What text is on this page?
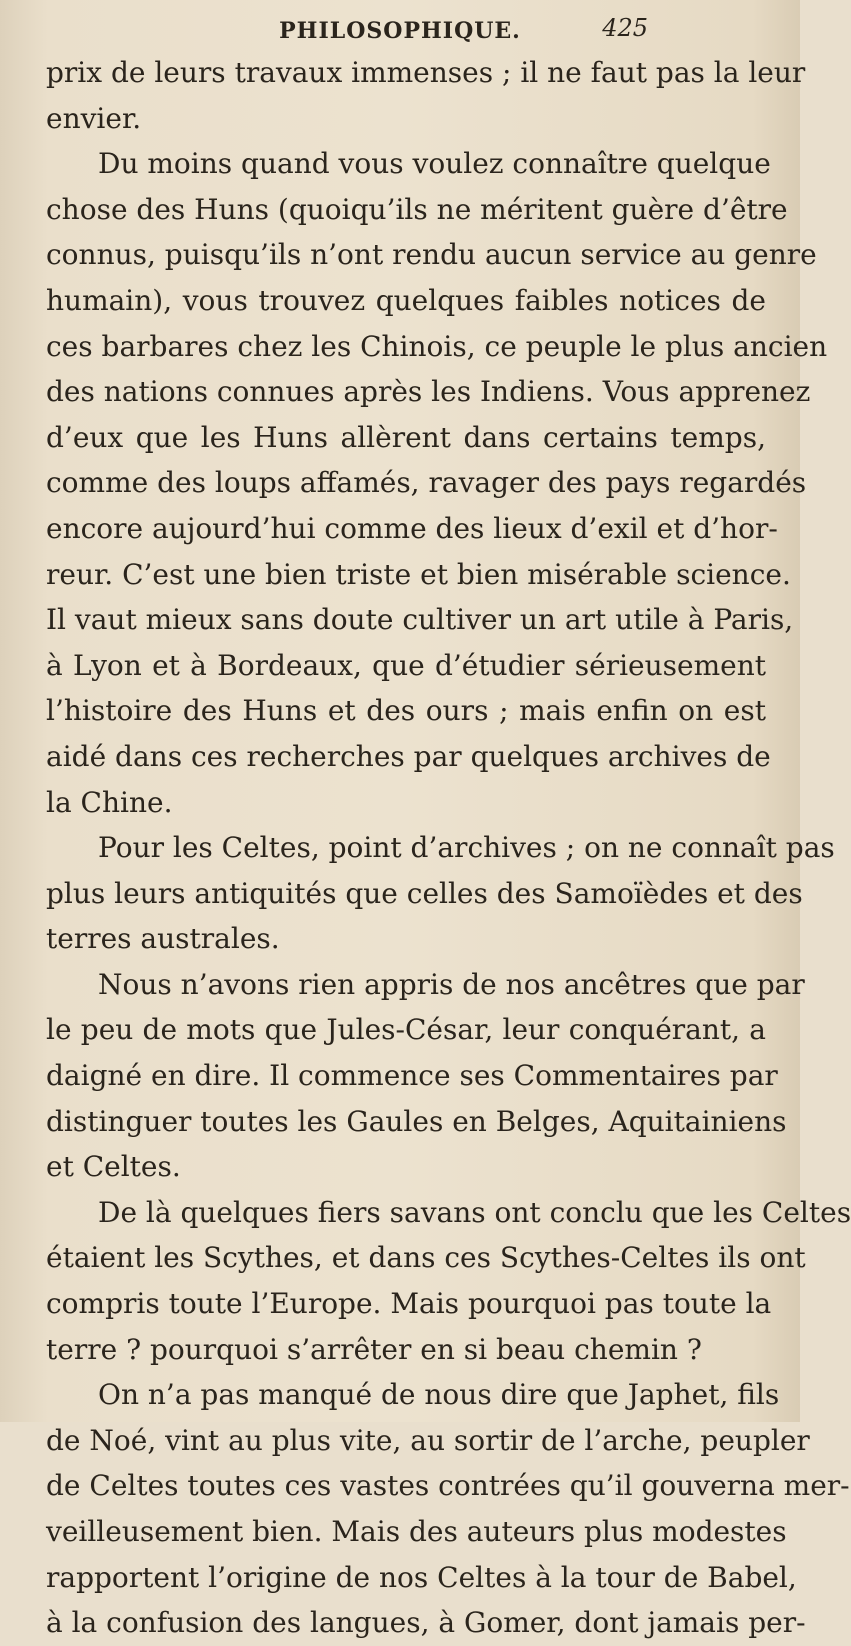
PHILOSOPHIQUE.	425
prix de leurs travaux immenses ; il ne faut pas la leur
envier.
Du moins quand vous voulez connaître quelque
chose des Huns (quoiqu’ils ne méritent guère d’être
connus, puisqu’ils n’ont rendu aucun service au genre
humain), vous trouvez quelques faibles notices de
ces barbares chez les Chinois, ce peuple le plus ancien
des nations connues après les Indiens. Vous apprenez
d’eux que les Huns allèrent dans certains temps,
comme des loups affamés, ravager des pays regardés
encore aujourd’hui comme des lieux d’exil et d’hor-
reur. C’est une bien triste et bien misérable science.
Il vaut mieux sans doute cultiver un art utile à Paris,
à Lyon et à Bordeaux, que d’étudier sérieusement
l’histoire des Huns et des ours ; mais enfin on est
aidé dans ces recherches par quelques archives de
la Chine.
Pour les Celtes, point d’archives ; on ne connaît pas
plus leurs antiquités que celles des Samoïèdes et des
terres australes.
Nous n’avons rien appris de nos ancêtres que par
le peu de mots que Jules-César, leur conquérant, a
daigné en dire. Il commence ses Commentaires par
distinguer toutes les Gaules en Belges, Aquitainiens
et Celtes.
De là quelques fiers savans ont conclu que les Celtes
étaient les Scythes, et dans ces Scythes-Celtes ils ont
compris toute l’Europe. Mais pourquoi pas toute la
terre ? pourquoi s’arrêter en si beau chemin ?
On n’a pas manqué de nous dire que Japhet, fils
de Noé, vint au plus vite, au sortir de l’arche, peupler
de Celtes toutes ces vastes contrées qu’il gouverna mer-
veilleusement bien. Mais des auteurs plus modestes
rapportent l’origine de nos Celtes à la tour de Babel,
à la confusion des langues, à Gomer, dont jamais per-
